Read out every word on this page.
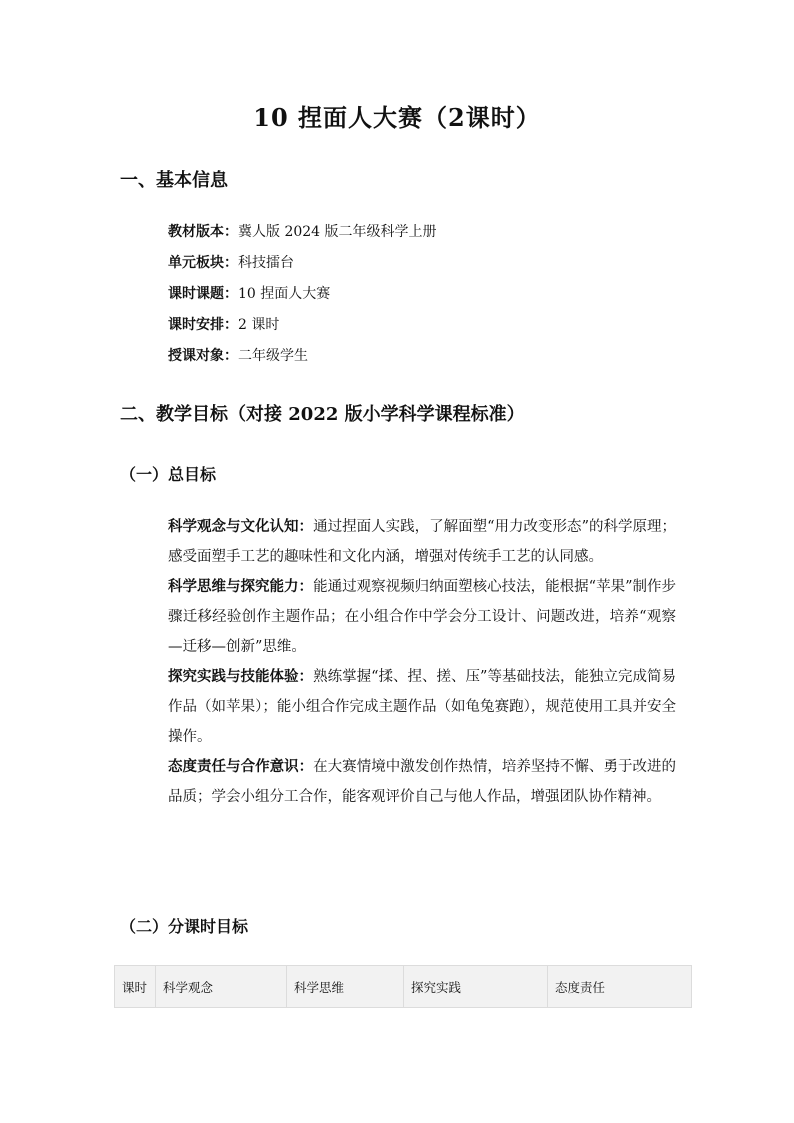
10 捏面人大赛（2课时）
一、基本信息
教材版本：冀人版 2024 版二年级科学上册
单元板块：科技擂台
课时课题：10 捏面人大赛
课时安排：2 课时
授课对象：二年级学生
二、教学目标（对接 2022 版小学科学课程标准）
（一）总目标
科学观念与文化认知：通过捏面人实践，了解面塑“用力改变形态”的科学原理；感受面塑手工艺的趣味性和文化内涵，增强对传统手工艺的认同感。
科学思维与探究能力：能通过观察视频归纳面塑核心技法，能根据“苹果”制作步骤迁移经验创作主题作品；在小组合作中学会分工设计、问题改进，培养“观察—迁移—创新”思维。
探究实践与技能体验：熟练掌握“揉、捏、搓、压”等基础技法，能独立完成简易作品（如苹果）；能小组合作完成主题作品（如龟兔赛跑），规范使用工具并安全操作。
态度责任与合作意识：在大赛情境中激发创作热情，培养坚持不懈、勇于改进的品质；学会小组分工合作，能客观评价自己与他人作品，增强团队协作精神。
（二）分课时目标
课时	科学观念	科学思维	探究实践	态度责任
